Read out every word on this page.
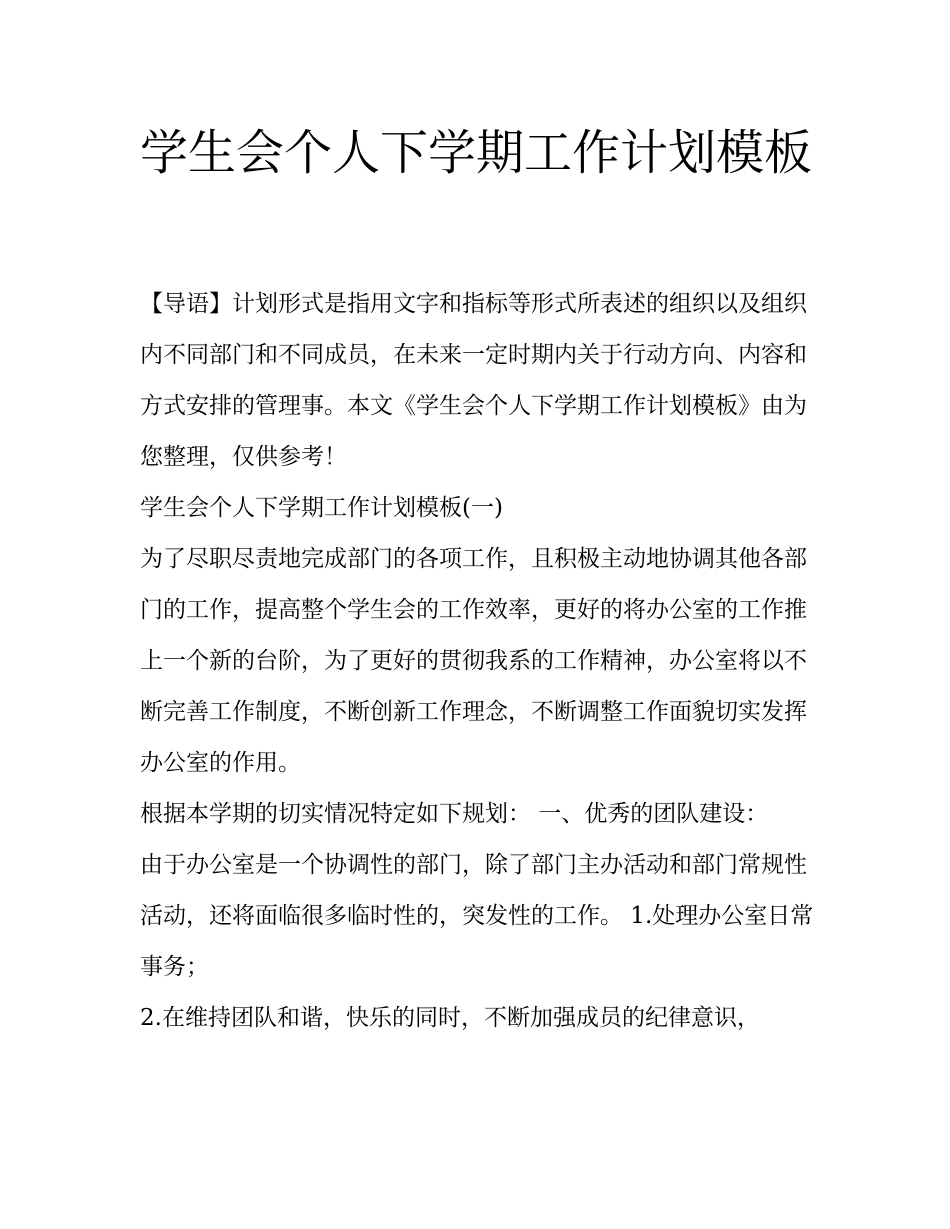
学生会个人下学期工作计划模板

【导语】计划形式是指用文字和指标等形式所表述的组织以及组织内不同部门和不同成员，在未来一定时期内关于行动方向、内容和方式安排的管理事。本文《学生会个人下学期工作计划模板》由为您整理，仅供参考！

学生会个人下学期工作计划模板(一)

为了尽职尽责地完成部门的各项工作，且积极主动地协调其他各部门的工作，提高整个学生会的工作效率，更好的将办公室的工作推上一个新的台阶，为了更好的贯彻我系的工作精神，办公室将以不断完善工作制度，不断创新工作理念，不断调整工作面貌切实发挥办公室的作用。

根据本学期的切实情况特定如下规划： 一、优秀的团队建设：

由于办公室是一个协调性的部门，除了部门主办活动和部门常规性活动，还将面临很多临时性的，突发性的工作。 1.处理办公室日常事务；

2.在维持团队和谐，快乐的同时，不断加强成员的纪律意识，
